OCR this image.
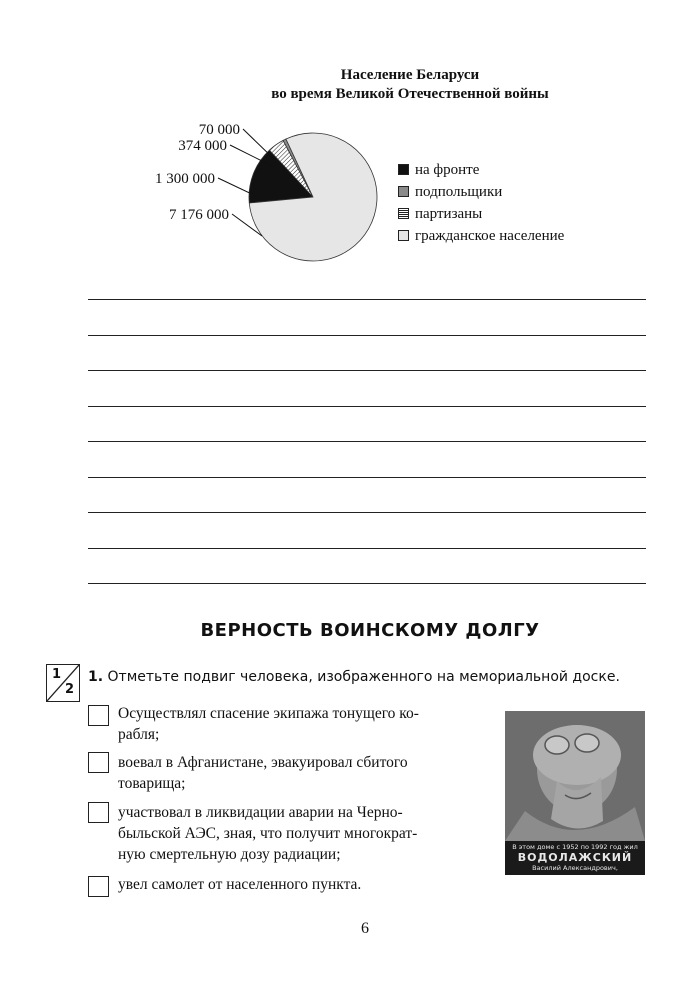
Население Беларуси
во время Великой Отечественной войны
70 000
374 000
1 300 000
7 176 000
на фронте
подпольщики
партизаны
гражданское население
ВЕРНОСТЬ ВОИНСКОМУ ДОЛГУ
1
2
1. Отметьте подвиг человека, изображенного на мемориальной доске.
Осуществлял спасение экипажа тонущего ко-
рабля;
воевал в Афганистане, эвакуировал сбитого
товарища;
участвовал в ликвидации аварии на Черно-
быльской АЭС, зная, что получит многократ-
ную смертельную дозу радиации;
увел самолет от населенного пункта.
В этом доме с 1952 по 1992 год жил
ВОДОЛАЖСКИЙ
Василий Александрович,
6
